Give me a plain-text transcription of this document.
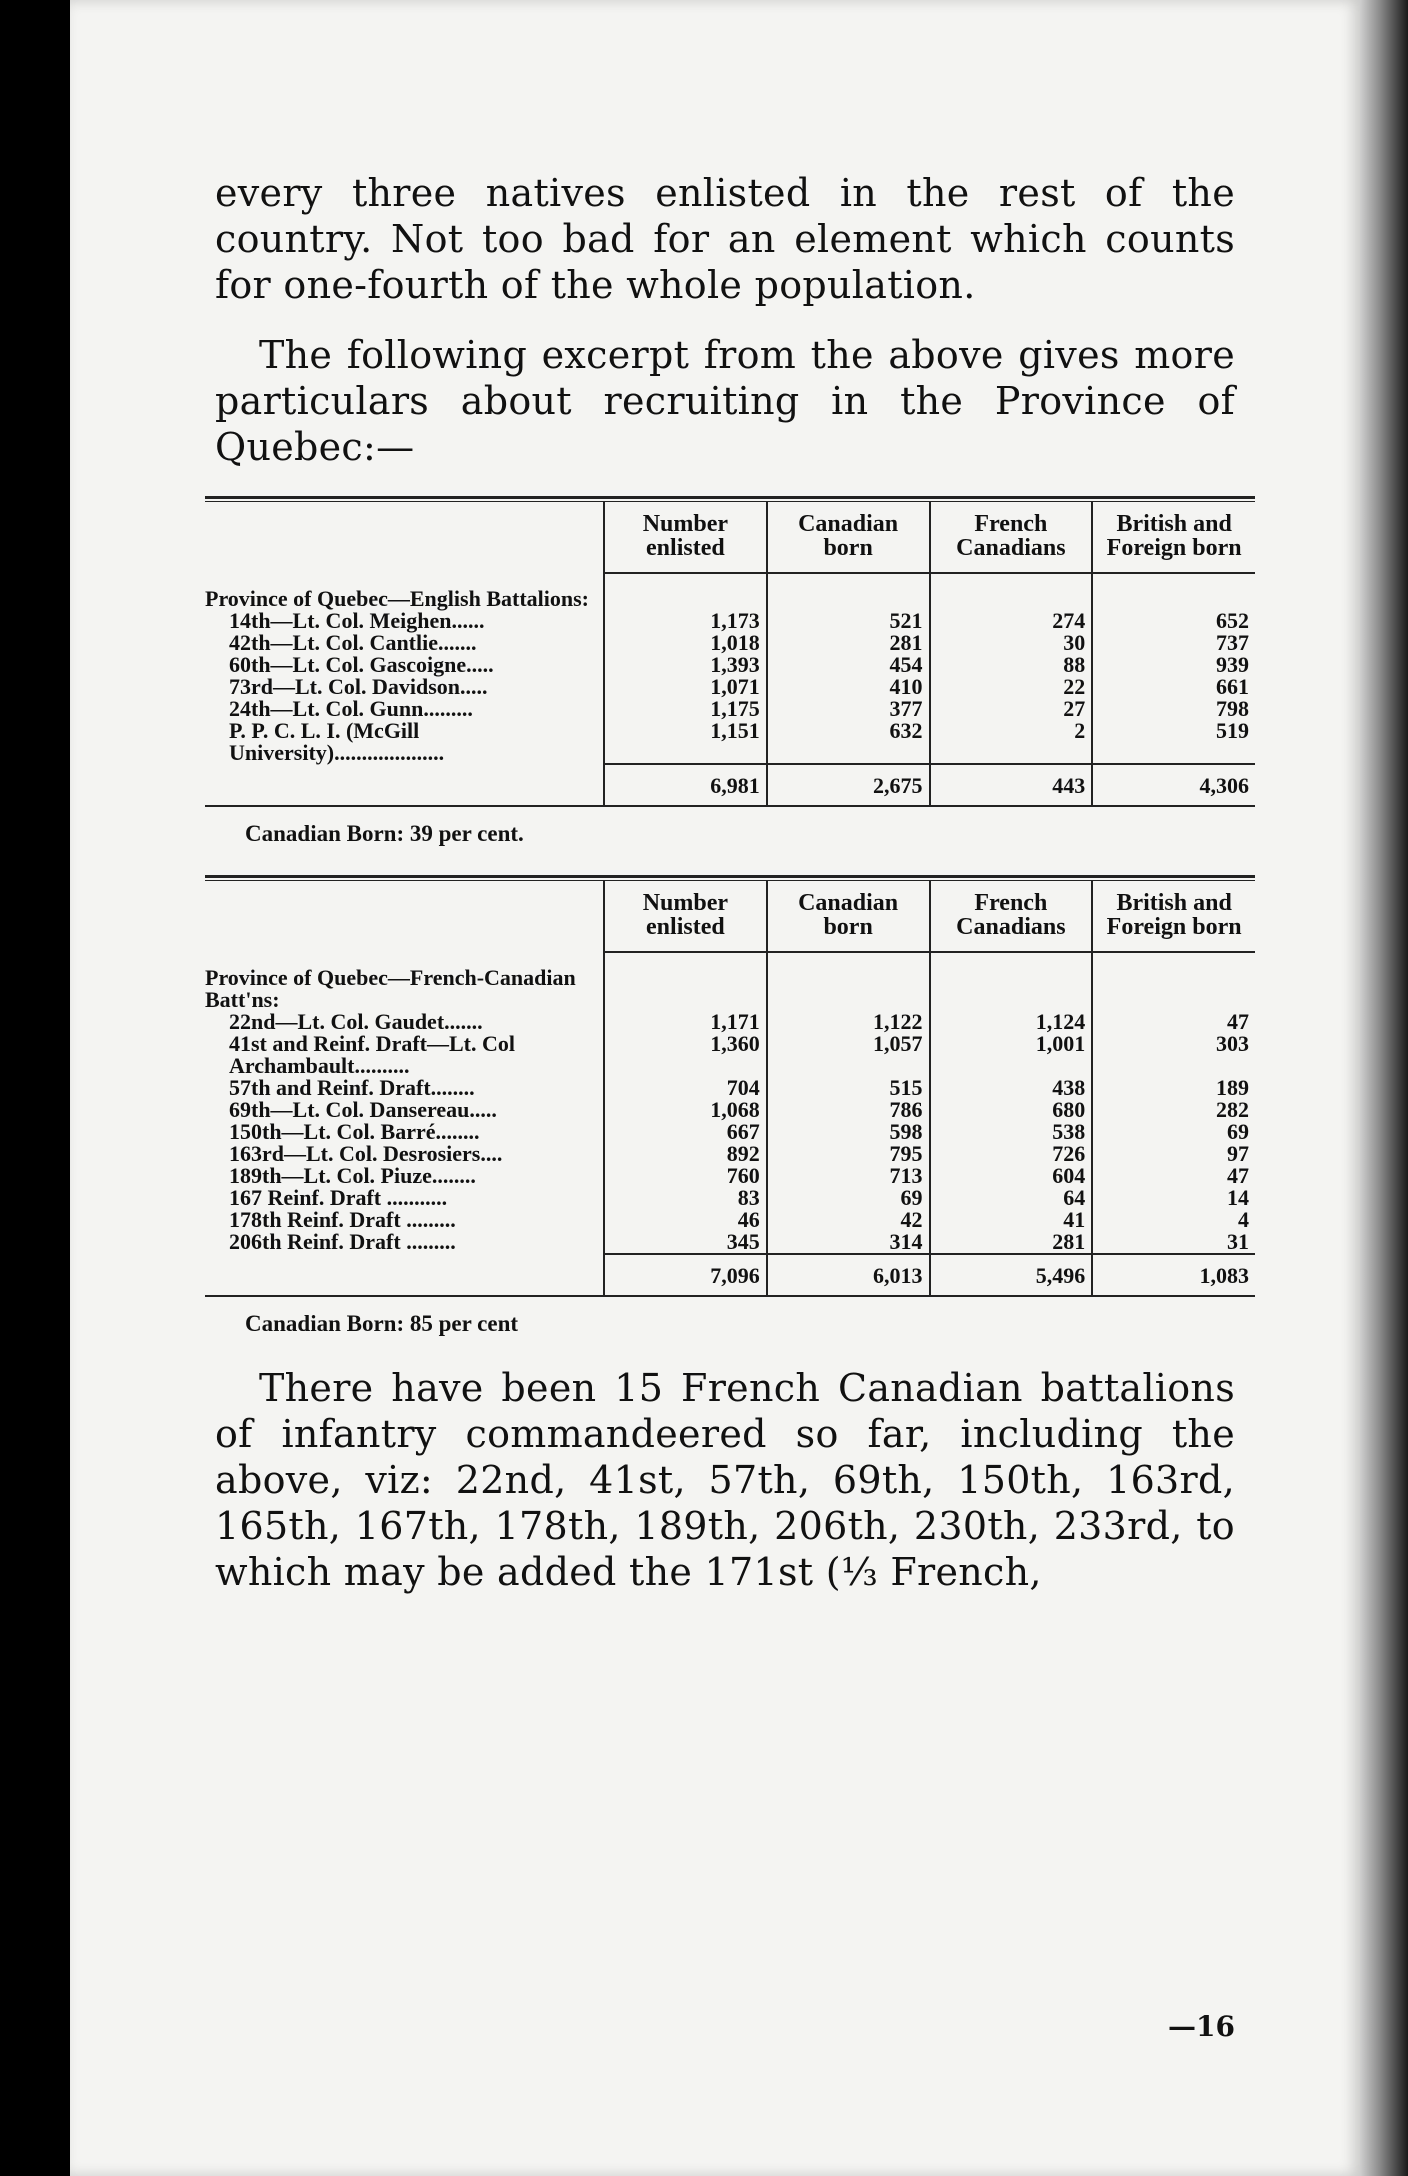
every three natives enlisted in the rest of the country. Not too bad for an element which counts for one-fourth of the whole population.

The following excerpt from the above gives more particulars about recruiting in the Province of Quebec:—

	Number enlisted	Canadian born	French Canadians	British and Foreign born

Province of Quebec—English Battalions:				
14th—Lt. Col. Meighen......	1,173	521	274	652
42th—Lt. Col. Cantlie.......	1,018	281	30	737
60th—Lt. Col. Gascoigne.....	1,393	454	88	939
73rd—Lt. Col. Davidson.....	1,071	410	22	661
24th—Lt. Col. Gunn.........	1,175	377	27	798
P. P. C. L. I. (McGill University)....................	1,151	632	2	519
	6,981	2,675	443	4,306
Canadian Born: 39 per cent.
	Number enlisted	Canadian born	French Canadians	British and Foreign born

Province of Quebec—French-Canadian Batt'ns:				
22nd—Lt. Col. Gaudet.......	1,171	1,122	1,124	47
41st and Reinf. Draft—Lt. Col Archambault..........	1,360	1,057	1,001	303
57th and Reinf. Draft........	704	515	438	189
69th—Lt. Col. Dansereau.....	1,068	786	680	282
150th—Lt. Col. Barré........	667	598	538	69
163rd—Lt. Col. Desrosiers....	892	795	726	97
189th—Lt. Col. Piuze........	760	713	604	47
167 Reinf. Draft ...........	83	69	64	14
178th Reinf. Draft .........	46	42	41	4
206th Reinf. Draft .........	345	314	281	31
	7,096	6,013	5,496	1,083
Canadian Born: 85 per cent

There have been 15 French Canadian battalions of infantry commandeered so far, including the above, viz: 22nd, 41st, 57th, 69th, 150th, 163rd, 165th, 167th, 178th, 189th, 206th, 230th, 233rd, to which may be added the 171st (⅓ French,

—16
